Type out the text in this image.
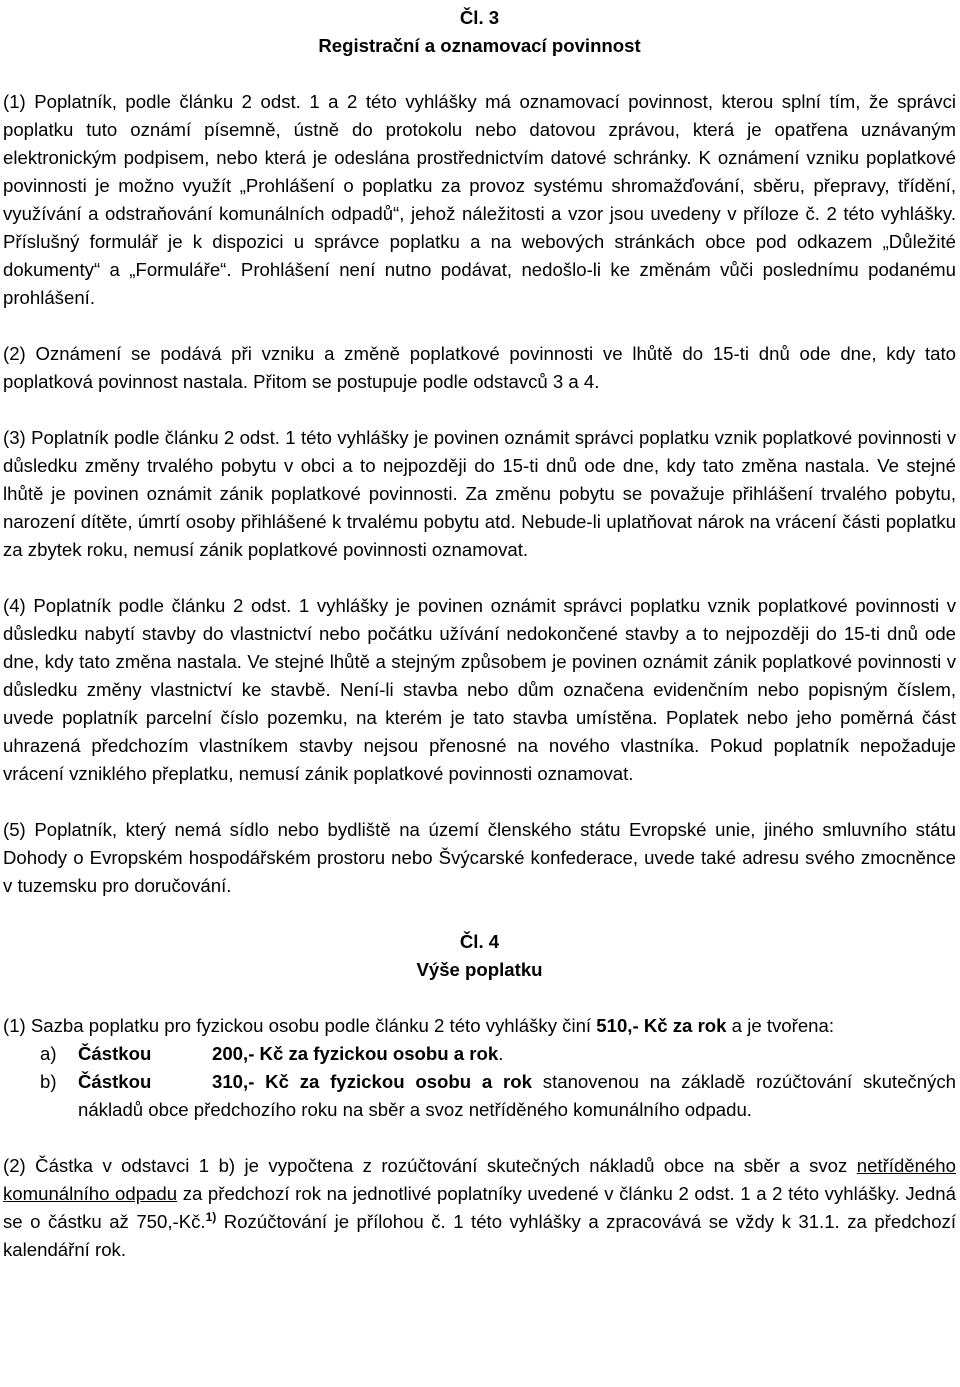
Čl. 3
Registrační a oznamovací povinnost

(1) Poplatník, podle článku 2 odst. 1 a 2 této vyhlášky má oznamovací povinnost, kterou splní tím, že správci poplatku tuto oznámí písemně, ústně do protokolu nebo datovou zprávou, která je opatřena uznávaným elektronickým podpisem, nebo která je odeslána prostřednictvím datové schránky. K oznámení vzniku poplatkové povinnosti je možno využít „Prohlášení o poplatku za provoz systému shromažďování, sběru, přepravy, třídění, využívání a odstraňování komunálních odpadů“, jehož náležitosti a vzor jsou uvedeny v příloze č. 2 této vyhlášky. Příslušný formulář je k dispozici u správce poplatku a na webových stránkách obce pod odkazem „Důležité dokumenty“ a „Formuláře“. Prohlášení není nutno podávat, nedošlo-li ke změnám vůči poslednímu podanému prohlášení.

(2) Oznámení se podává při vzniku a změně poplatkové povinnosti ve lhůtě do 15-ti dnů ode dne, kdy tato poplatková povinnost nastala. Přitom se postupuje podle odstavců 3 a 4.

(3) Poplatník podle článku 2 odst. 1 této vyhlášky je povinen oznámit správci poplatku vznik poplatkové povinnosti v důsledku změny trvalého pobytu v obci a to nejpozději do 15-ti dnů ode dne, kdy tato změna nastala. Ve stejné lhůtě je povinen oznámit zánik poplatkové povinnosti. Za změnu pobytu se považuje přihlášení trvalého pobytu, narození dítěte, úmrtí osoby přihlášené k trvalému pobytu atd. Nebude-li uplatňovat nárok na vrácení části poplatku za zbytek roku, nemusí zánik poplatkové povinnosti oznamovat.

(4) Poplatník podle článku 2 odst. 1 vyhlášky je povinen oznámit správci poplatku vznik poplatkové povinnosti v důsledku nabytí stavby do vlastnictví nebo počátku užívání nedokončené stavby a to nejpozději do 15-ti dnů ode dne, kdy tato změna nastala. Ve stejné lhůtě a stejným způsobem je povinen oznámit zánik poplatkové povinnosti v důsledku změny vlastnictví ke stavbě. Není-li stavba nebo dům označena evidenčním nebo popisným číslem, uvede poplatník parcelní číslo pozemku, na kterém je tato stavba umístěna. Poplatek nebo jeho poměrná část uhrazená předchozím vlastníkem stavby nejsou přenosné na nového vlastníka. Pokud poplatník nepožaduje vrácení vzniklého přeplatku, nemusí zánik poplatkové povinnosti oznamovat.

(5) Poplatník, který nemá sídlo nebo bydliště na území členského státu Evropské unie, jiného smluvního státu Dohody o Evropském hospodářském prostoru nebo Švýcarské konfederace, uvede také adresu svého zmocněnce v tuzemsku pro doručování.

Čl. 4
Výše poplatku

(1) Sazba poplatku pro fyzickou osobu podle článku 2 této vyhlášky činí 510,- Kč za rok a je tvořena:

a)	Částkou	200,- Kč za fyzickou osobu a rok.
b)	Částkou	310,- Kč za fyzickou osobu a rok stanovenou na základě rozúčtování skutečných nákladů obce předchozího roku na sběr a svoz netříděného komunálního odpadu.

(2) Částka v odstavci 1 b) je vypočtena z rozúčtování skutečných nákladů obce na sběr a svoz netříděného komunálního odpadu za předchozí rok na jednotlivé poplatníky uvedené v článku 2 odst. 1 a 2 této vyhlášky. Jedná se o částku až 750,-Kč.$^{1)}$ Rozúčtování je přílohou č. 1 této vyhlášky a zpracovává se vždy k 31.1. za předchozí kalendářní rok.
